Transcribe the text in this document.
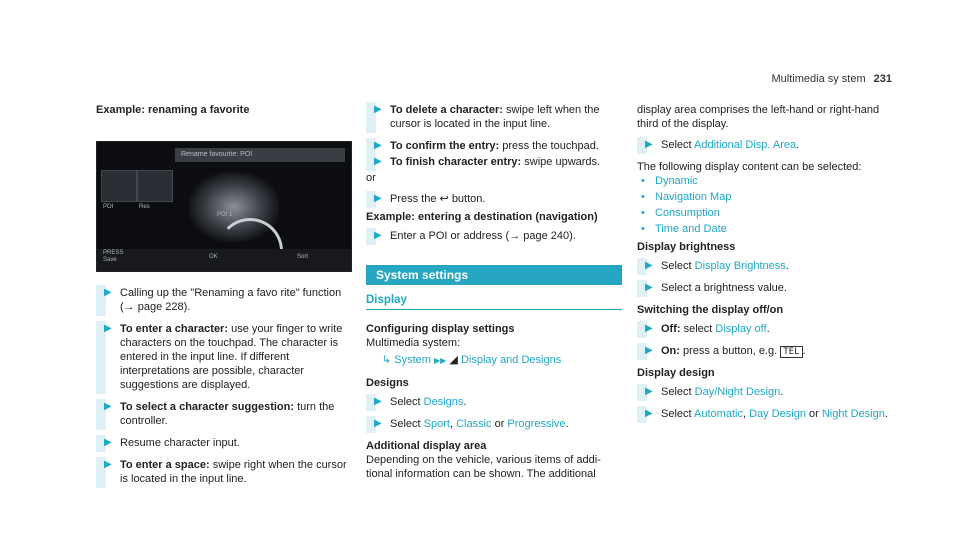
Multimedia sy stem 231
Example: renaming a favorite
Rename favourite: POI
POI	Res
POI 1
PRESS
Save	OK	Sort
▶ Calling up the "Renaming a favo rite" function (→ page 228).
▶ To enter a character: use your finger to write characters on the touchpad. The character is entered in the input line. If different interpretations are possible, character suggestions are displayed.
▶ To select a character suggestion: turn the controller.
▶ Resume character input.
▶ To enter a space: swipe right when the cursor is located in the input line.
▶ To delete a character: swipe left when the cursor is located in the input line.
▶ To confirm the entry: press the touchpad.
▶ To finish character entry: swipe upwards.
or
▶ Press the ↩ button.
Example: entering a destination (navigation)
▶ Enter a POI or address (→ page 240).
System settings
Display
Configuring display settings
Multimedia system:
↳ System ▶▶ ◢ Display and Designs
Designs
▶ Select Designs.
▶ Select Sport, Classic or Progressive.
Additional display area
Depending on the vehicle, various items of additional information can be shown. The additional
display area comprises the left-hand or right-hand third of the display.
▶ Select Additional Disp. Area.
The following display content can be selected:
• Dynamic
• Navigation Map
• Consumption
• Time and Date
Display brightness
▶ Select Display Brightness.
▶ Select a brightness value.
Switching the display off/on
▶ Off: select Display off.
▶ On: press a button, e.g. TEL .
Display design
▶ Select Day/Night Design.
▶ Select Automatic, Day Design or Night Design.
